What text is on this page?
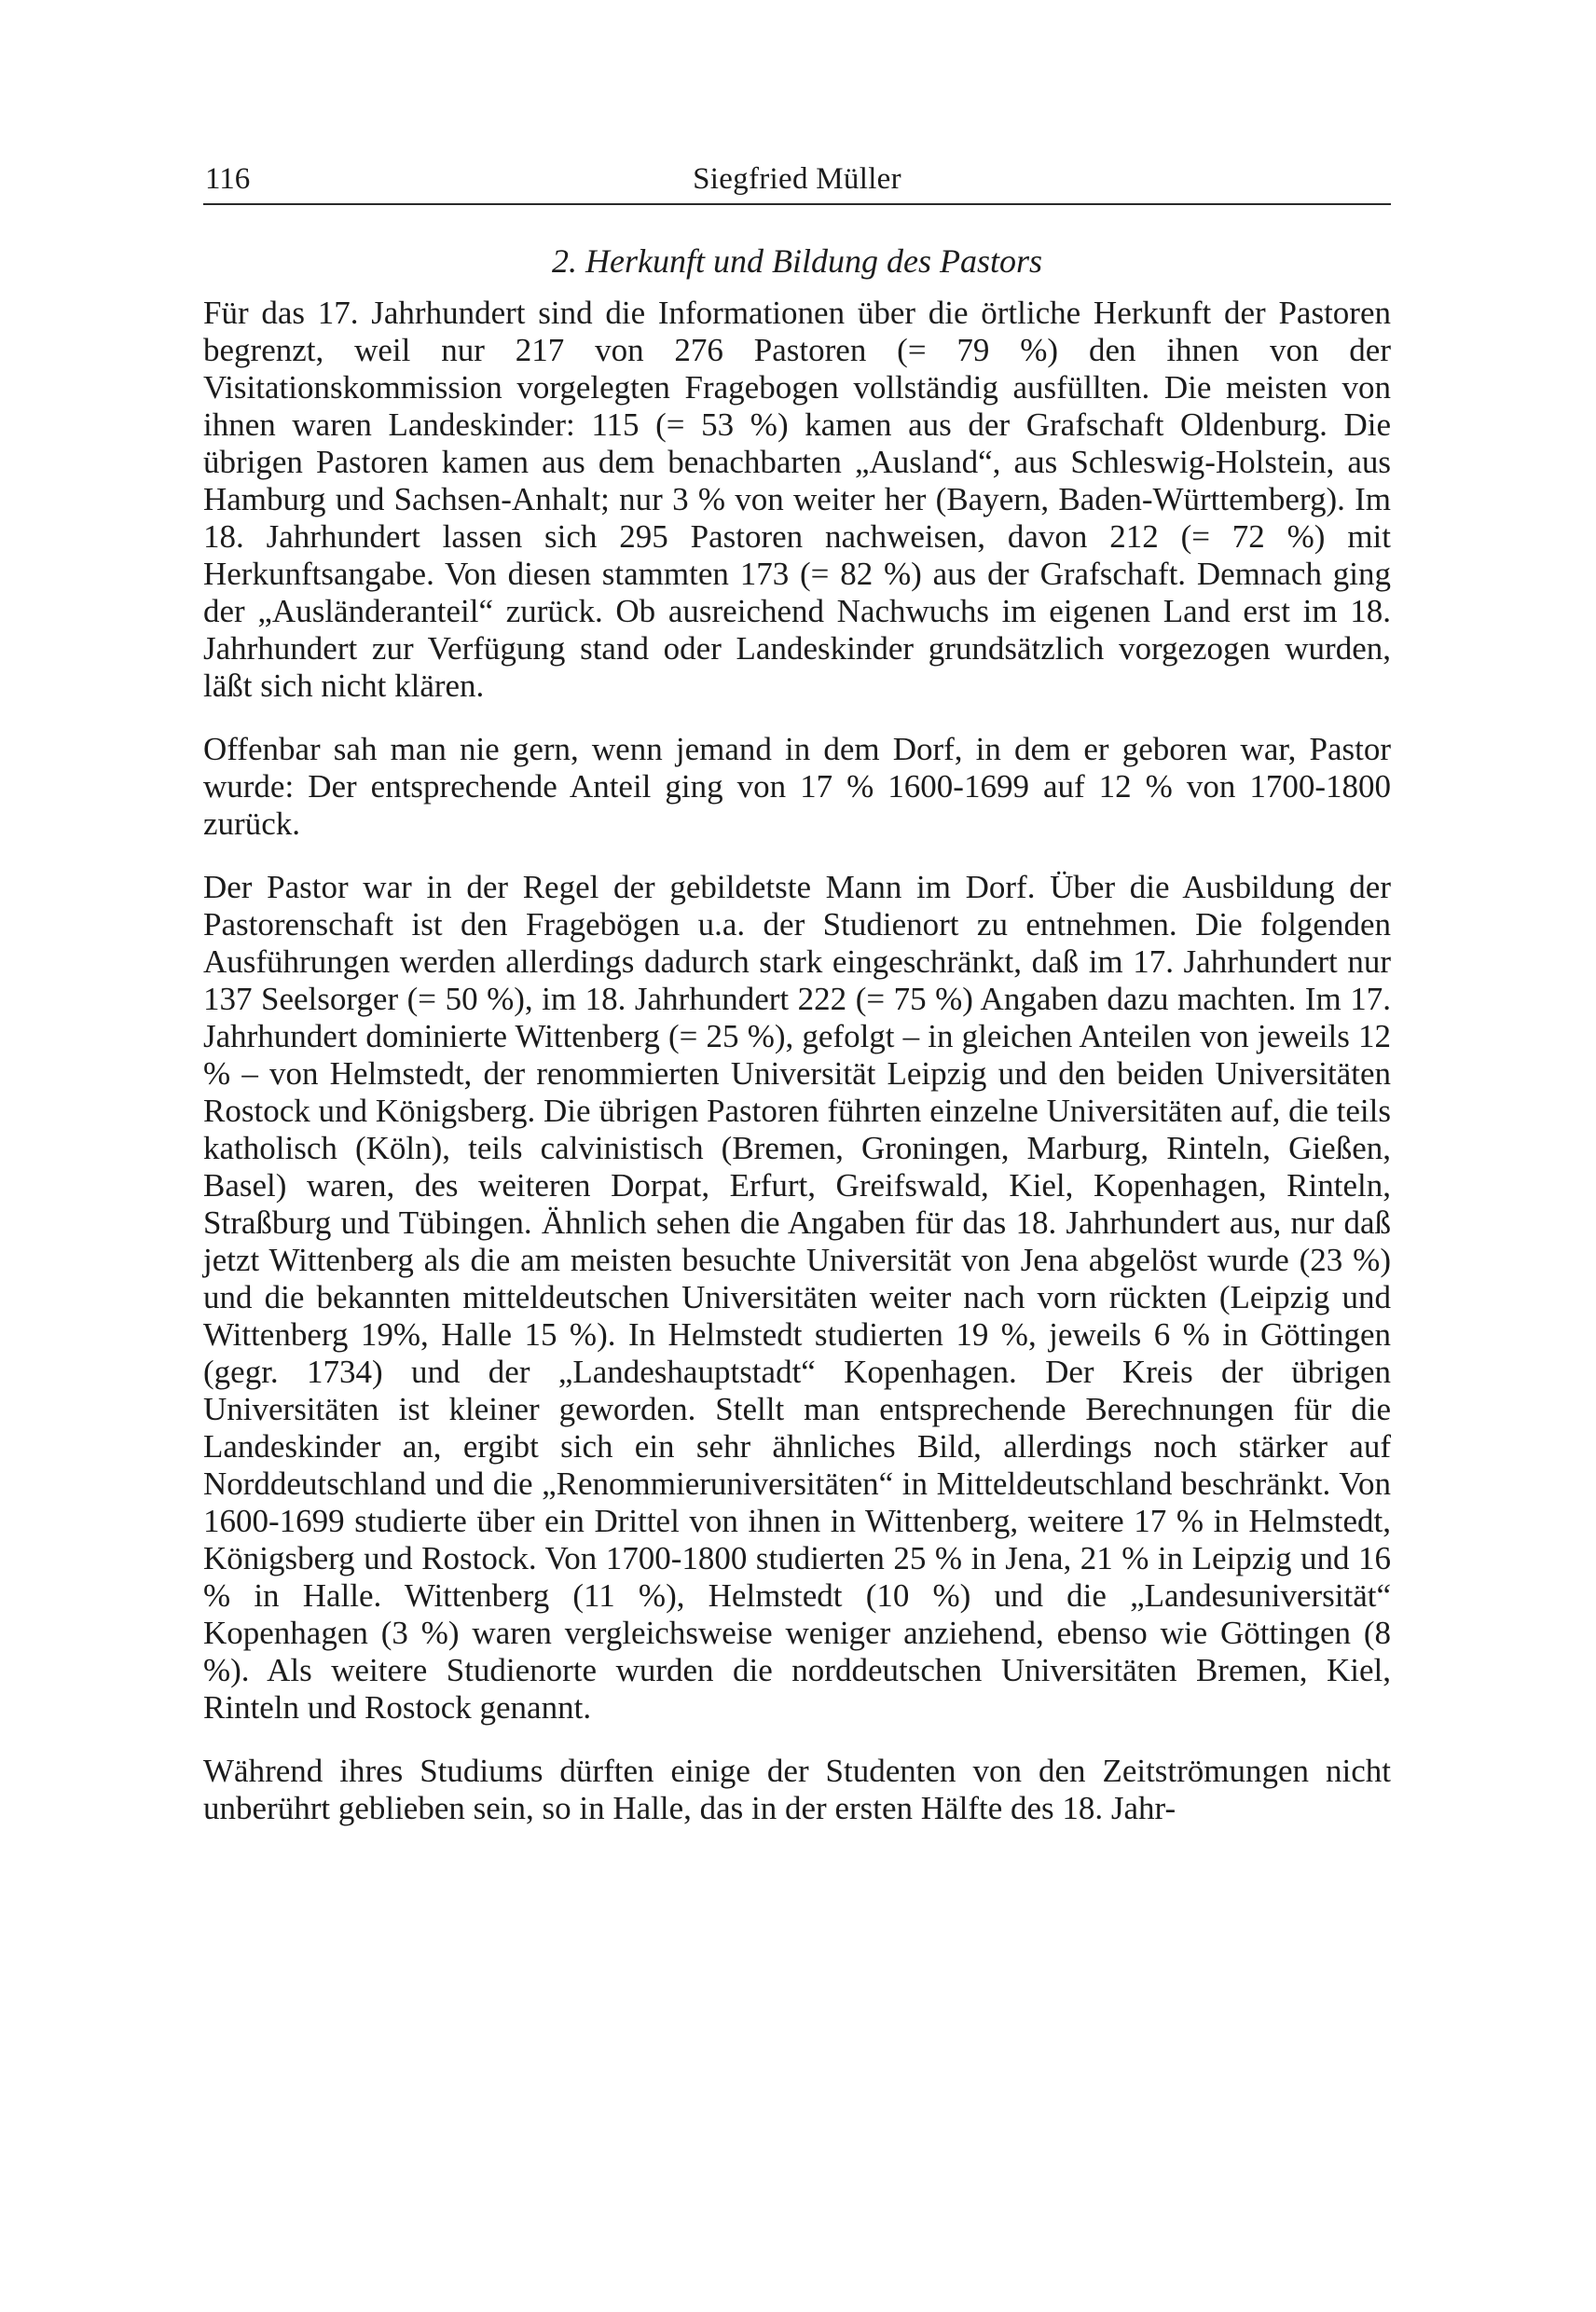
116	Siegfried Müller
2. Herkunft und Bildung des Pastors

Für das 17. Jahrhundert sind die Informationen über die örtliche Herkunft der Pastoren begrenzt, weil nur 217 von 276 Pastoren (= 79 %) den ihnen von der Visitationskommission vorgelegten Fragebogen vollständig ausfüllten. Die meisten von ihnen waren Landeskinder: 115 (= 53 %) kamen aus der Grafschaft Oldenburg. Die übrigen Pastoren kamen aus dem benachbarten „Ausland“, aus Schleswig-Holstein, aus Hamburg und Sachsen-Anhalt; nur 3 % von weiter her (Bayern, Baden-Württemberg). Im 18. Jahrhundert lassen sich 295 Pastoren nachweisen, davon 212 (= 72 %) mit Herkunftsangabe. Von diesen stammten 173 (= 82 %) aus der Grafschaft. Demnach ging der „Ausländeranteil“ zurück. Ob ausreichend Nachwuchs im eigenen Land erst im 18. Jahrhundert zur Verfügung stand oder Landeskinder grundsätzlich vorgezogen wurden, läßt sich nicht klären.

Offenbar sah man nie gern, wenn jemand in dem Dorf, in dem er geboren war, Pastor wurde: Der entsprechende Anteil ging von 17 % 1600-1699 auf 12 % von 1700-1800 zurück.

Der Pastor war in der Regel der gebildetste Mann im Dorf. Über die Ausbildung der Pastorenschaft ist den Fragebögen u.a. der Studienort zu entnehmen. Die folgenden Ausführungen werden allerdings dadurch stark eingeschränkt, daß im 17. Jahrhundert nur 137 Seelsorger (= 50 %), im 18. Jahrhundert 222 (= 75 %) Angaben dazu machten. Im 17. Jahrhundert dominierte Wittenberg (= 25 %), gefolgt – in gleichen Anteilen von jeweils 12 % – von Helmstedt, der renommierten Universität Leipzig und den beiden Universitäten Rostock und Königsberg. Die übrigen Pastoren führten einzelne Universitäten auf, die teils katholisch (Köln), teils calvinistisch (Bremen, Groningen, Marburg, Rinteln, Gießen, Basel) waren, des weiteren Dorpat, Erfurt, Greifswald, Kiel, Kopenhagen, Rinteln, Straßburg und Tübingen. Ähnlich sehen die Angaben für das 18. Jahrhundert aus, nur daß jetzt Wittenberg als die am meisten besuchte Universität von Jena abgelöst wurde (23 %) und die bekannten mitteldeutschen Universitäten weiter nach vorn rückten (Leipzig und Wittenberg 19%, Halle 15 %). In Helmstedt studierten 19 %, jeweils 6 % in Göttingen (gegr. 1734) und der „Landeshauptstadt“ Kopenhagen. Der Kreis der übrigen Universitäten ist kleiner geworden. Stellt man entsprechende Berechnungen für die Landeskinder an, ergibt sich ein sehr ähnliches Bild, allerdings noch stärker auf Norddeutschland und die „Renommieruniversitäten“ in Mitteldeutschland beschränkt. Von 1600-1699 studierte über ein Drittel von ihnen in Wittenberg, weitere 17 % in Helmstedt, Königsberg und Rostock. Von 1700-1800 studierten 25 % in Jena, 21 % in Leipzig und 16 % in Halle. Wittenberg (11 %), Helmstedt (10 %) und die „Landesuniversität“ Kopenhagen (3 %) waren vergleichsweise weniger anziehend, ebenso wie Göttingen (8 %). Als weitere Studienorte wurden die norddeutschen Universitäten Bremen, Kiel, Rinteln und Rostock genannt.

Während ihres Studiums dürften einige der Studenten von den Zeitströmungen nicht unberührt geblieben sein, so in Halle, das in der ersten Hälfte des 18. Jahr-
